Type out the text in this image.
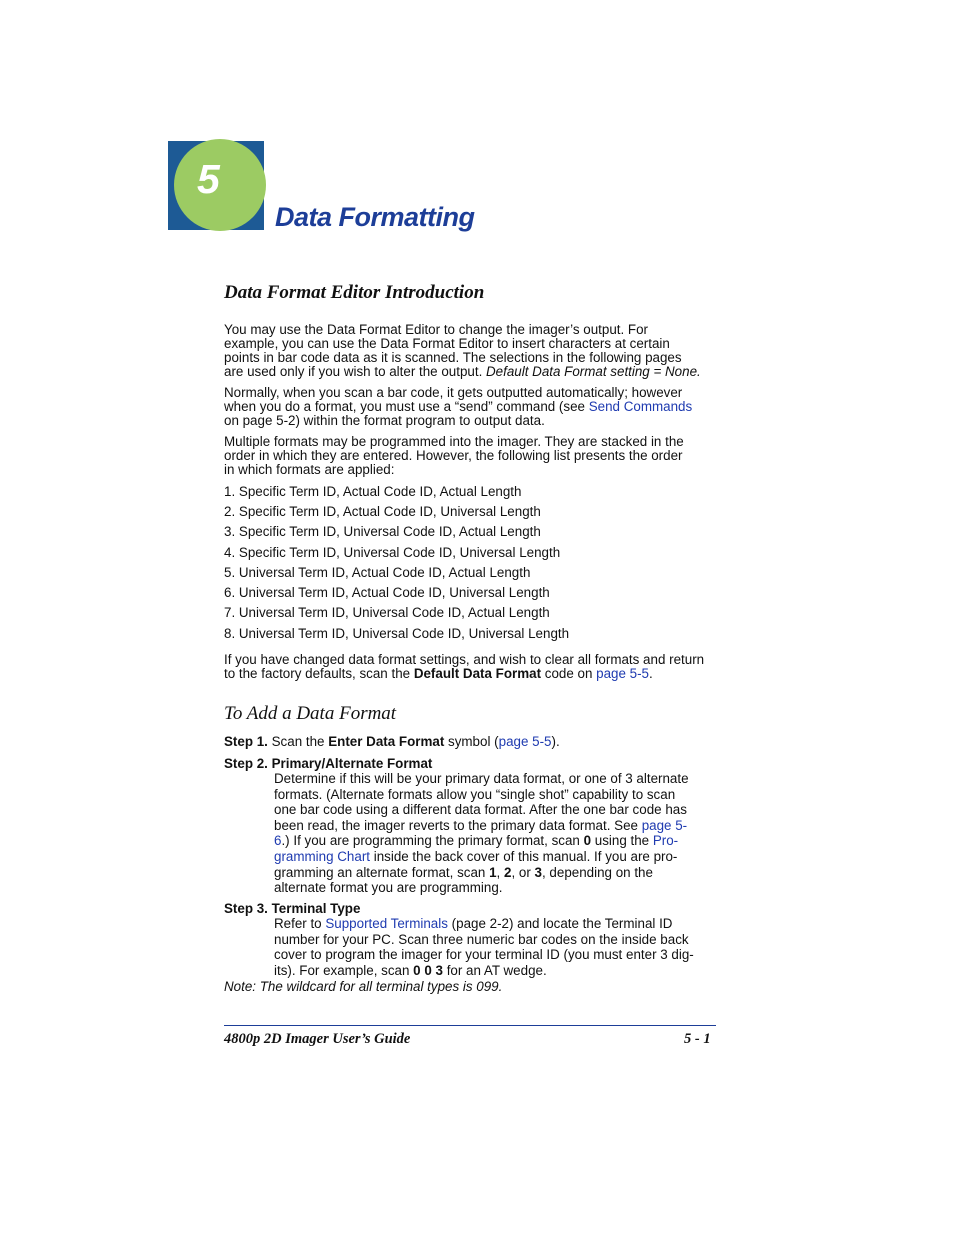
5
Data Formatting
Data Format Editor Introduction
You may use the Data Format Editor to change the imager’s output. For
example, you can use the Data Format Editor to insert characters at certain
points in bar code data as it is scanned. The selections in the following pages
are used only if you wish to alter the output. Default Data Format setting = None.
Normally, when you scan a bar code, it gets outputted automatically; however
when you do a format, you must use a “send” command (see Send Commands
on page 5-2) within the format program to output data.
Multiple formats may be programmed into the imager. They are stacked in the
order in which they are entered. However, the following list presents the order
in which formats are applied:
1. Specific Term ID, Actual Code ID, Actual Length
2. Specific Term ID, Actual Code ID, Universal Length
3. Specific Term ID, Universal Code ID, Actual Length
4. Specific Term ID, Universal Code ID, Universal Length
5. Universal Term ID, Actual Code ID, Actual Length
6. Universal Term ID, Actual Code ID, Universal Length
7. Universal Term ID, Universal Code ID, Actual Length
8. Universal Term ID, Universal Code ID, Universal Length
If you have changed data format settings, and wish to clear all formats and return
to the factory defaults, scan the Default Data Format code on page 5-5.
To Add a Data Format
Step 1. Scan the Enter Data Format symbol (page 5-5).
Step 2. Primary/Alternate Format
Determine if this will be your primary data format, or one of 3 alternate
formats. (Alternate formats allow you “single shot” capability to scan
one bar code using a different data format. After the one bar code has
been read, the imager reverts to the primary data format. See page 5-
6.) If you are programming the primary format, scan 0 using the Pro-
gramming Chart inside the back cover of this manual. If you are pro-
gramming an alternate format, scan 1, 2, or 3, depending on the
alternate format you are programming.
Step 3. Terminal Type
Refer to Supported Terminals (page 2-2) and locate the Terminal ID
number for your PC. Scan three numeric bar codes on the inside back
cover to program the imager for your terminal ID (you must enter 3 dig-
its). For example, scan 0 0 3 for an AT wedge.
Note: The wildcard for all terminal types is 099.
4800p 2D Imager User’s Guide	5 - 1
